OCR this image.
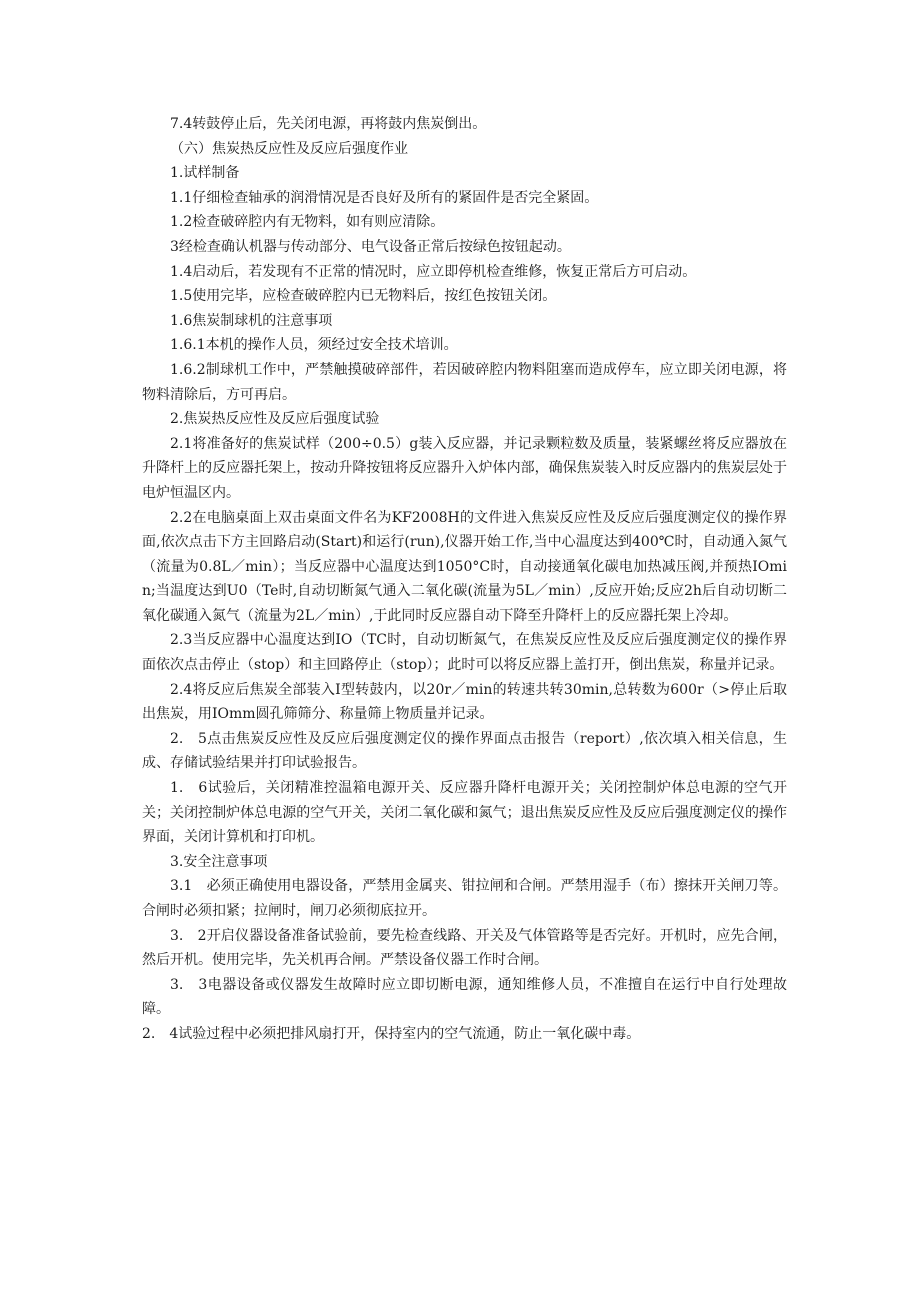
7.4转鼓停止后，先关闭电源，再将鼓内焦炭倒出。

（六）焦炭热反应性及反应后强度作业

1.试样制备

1.1仔细检查轴承的润滑情况是否良好及所有的紧固件是否完全紧固。

1.2检查破碎腔内有无物料，如有则应清除。

3经检查确认机器与传动部分、电气设备正常后按绿色按钮起动。

1.4启动后，若发现有不正常的情况时，应立即停机检查维修，恢复正常后方可启动。

1.5使用完毕，应检查破碎腔内已无物料后，按红色按钮关闭。

1.6焦炭制球机的注意事项

1.6.1本机的操作人员，须经过安全技术培训。

1.6.2制球机工作中，严禁触摸破碎部件，若因破碎腔内物料阻塞而造成停车，应立即关闭电源，将物料清除后，方可再启。

2.焦炭热反应性及反应后强度试验

2.1将准备好的焦炭试样（200÷0.5）g装入反应器，并记录颗粒数及质量，装紧螺丝将反应器放在升降杆上的反应器托架上，按动升降按钮将反应器升入炉体内部，确保焦炭装入时反应器内的焦炭层处于电炉恒温区内。

2.2在电脑桌面上双击桌面文件名为KF2008H的文件进入焦炭反应性及反应后强度测定仪的操作界面,依次点击下方主回路启动(Start)和运行(run),仪器开始工作,当中心温度达到400℃时，自动通入氮气（流量为0.8L／min）；当反应器中心温度达到1050°C时，自动接通氧化碳电加热减压阀,并预热IOmin;当温度达到U0（Te时,自动切断氮气通入二氧化碳(流量为5L／min）,反应开始;反应2h后自动切断二氧化碳通入氮气（流量为2L／min）,于此同时反应器自动下降至升降杆上的反应器托架上冷却。

2.3当反应器中心温度达到IO（TC时，自动切断氮气，在焦炭反应性及反应后强度测定仪的操作界面依次点击停止（stop）和主回路停止（stop）；此时可以将反应器上盖打开，倒出焦炭，称量并记录。

2.4将反应后焦炭全部装入I型转鼓内，以20r／min的转速共转30min,总转数为600r（>停止后取出焦炭，用IOmm圆孔筛筛分、称量筛上物质量并记录。

2.　5点击焦炭反应性及反应后强度测定仪的操作界面点击报告（report）,依次填入相关信息，生成、存储试验结果并打印试验报告。

1.　6试验后，关闭精准控温箱电源开关、反应器升降杆电源开关；关闭控制炉体总电源的空气开关；关闭控制炉体总电源的空气开关，关闭二氧化碳和氮气；退出焦炭反应性及反应后强度测定仪的操作界面，关闭计算机和打印机。

3.安全注意事项

3.1　必须正确使用电器设备，严禁用金属夹、钳拉闸和合闸。严禁用湿手（布）擦抹开关闸刀等。合闸时必须扣紧；拉闸时，闸刀必须彻底拉开。

3.　2开启仪器设备准备试验前，要先检查线路、开关及气体管路等是否完好。开机时，应先合闸，然后开机。使用完毕，先关机再合闸。严禁设备仪器工作时合闸。

3.　3电器设备或仪器发生故障时应立即切断电源，通知维修人员，不准擅自在运行中自行处理故障。

2.　4试验过程中必须把排风扇打开，保持室内的空气流通，防止一氧化碳中毒。
